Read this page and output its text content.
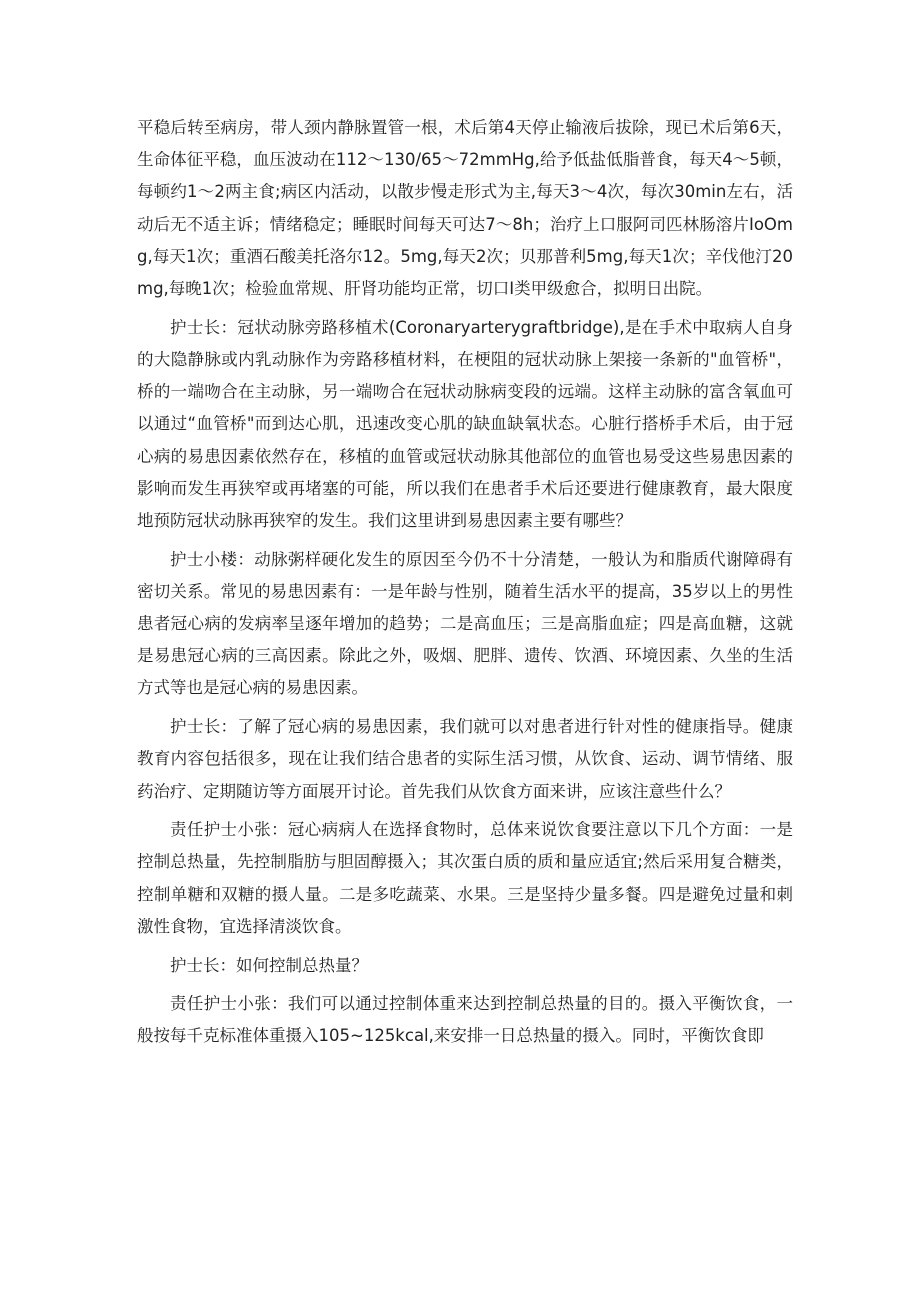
平稳后转至病房，带人颈内静脉置管一根，术后第4天停止输液后拔除，现已术后第6天，生命体征平稳，血压波动在112～130/65～72mmHg,给予低盐低脂普食，每天4～5顿，每顿约1～2两主食;病区内活动，以散步慢走形式为主,每天3～4次，每次30min左右，活动后无不适主诉；情绪稳定；睡眠时间每天可达7～8h；治疗上口服阿司匹林肠溶片IoOmg,每天1次；重酒石酸美托洛尔12。5mg,每天2次；贝那普利5mg,每天1次；辛伐他汀20mg,每晚1次；检验血常规、肝肾功能均正常，切口I类甲级愈合，拟明日出院。

护士长：冠状动脉旁路移植术(Coronaryarterygraftbridge),是在手术中取病人自身的大隐静脉或内乳动脉作为旁路移植材料，在梗阻的冠状动脉上架接一条新的"血管桥"，桥的一端吻合在主动脉，另一端吻合在冠状动脉病变段的远端。这样主动脉的富含氧血可以通过“血管桥"而到达心肌，迅速改变心肌的缺血缺氧状态。心脏行搭桥手术后，由于冠心病的易患因素依然存在，移植的血管或冠状动脉其他部位的血管也易受这些易患因素的影响而发生再狭窄或再堵塞的可能，所以我们在患者手术后还要进行健康教育，最大限度地预防冠状动脉再狭窄的发生。我们这里讲到易患因素主要有哪些？

护士小楼：动脉粥样硬化发生的原因至今仍不十分清楚，一般认为和脂质代谢障碍有密切关系。常见的易患因素有：一是年龄与性别，随着生活水平的提高，35岁以上的男性患者冠心病的发病率呈逐年增加的趋势；二是高血压；三是高脂血症；四是高血糖，这就是易患冠心病的三高因素。除此之外，吸烟、肥胖、遗传、饮酒、环境因素、久坐的生活方式等也是冠心病的易患因素。

护士长：了解了冠心病的易患因素，我们就可以对患者进行针对性的健康指导。健康教育内容包括很多，现在让我们结合患者的实际生活习惯，从饮食、运动、调节情绪、服药治疗、定期随访等方面展开讨论。首先我们从饮食方面来讲，应该注意些什么？

责任护士小张：冠心病病人在选择食物时，总体来说饮食要注意以下几个方面：一是控制总热量，先控制脂肪与胆固醇摄入；其次蛋白质的质和量应适宜;然后采用复合糖类，控制单糖和双糖的摄人量。二是多吃蔬菜、水果。三是坚持少量多餐。四是避免过量和刺激性食物，宜选择清淡饮食。

护士长：如何控制总热量？

责任护士小张：我们可以通过控制体重来达到控制总热量的目的。摄入平衡饮食，一般按每千克标准体重摄入105~125kcal,来安排一日总热量的摄入。同时，平衡饮食即
